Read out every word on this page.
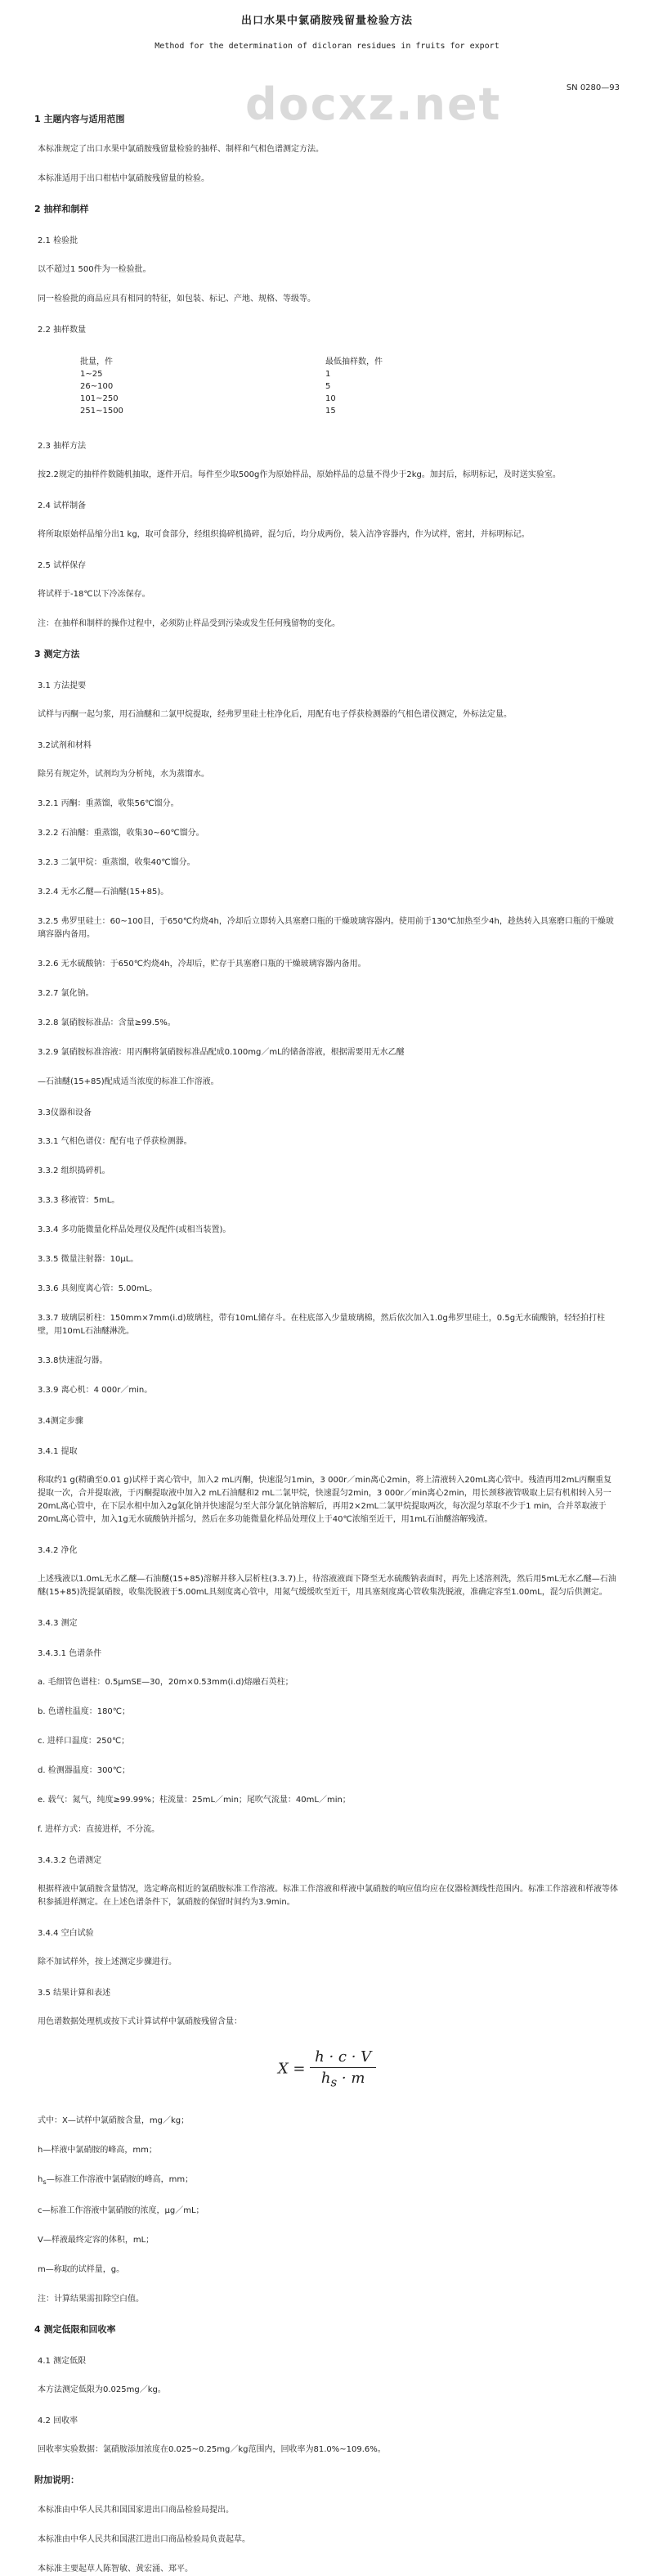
docxz.net
出口水果中氯硝胺残留量检验方法
Method for the determination of dicloran residues in fruits for export
SN 0280—93
1 主题内容与适用范围
本标准规定了出口水果中氯硝胺残留量检验的抽样、制样和气相色谱测定方法。
本标准适用于出口柑桔中氯硝胺残留量的检验。
2 抽样和制样
2.1 检验批
以不超过1 500件为一检验批。
同一检验批的商品应具有相同的特征，如包装、标记、产地、规格、等级等。
2.2 抽样数量
批量，件	最低抽样数，件
1~25	1
26~100	5
101~250	10
251~1500	15
2.3 抽样方法
按2.2规定的抽样件数随机抽取，逐件开启。每件至少取500g作为原始样品，原始样品的总量不得少于2kg。加封后，标明标记，及时送实验室。
2.4 试样制备
将所取原始样品缩分出1 kg，取可食部分，经组织捣碎机捣碎，混匀后，均分成两份，装入洁净容器内，作为试样，密封，并标明标记。
2.5 试样保存
将试样于-18℃以下冷冻保存。
注：在抽样和制样的操作过程中，必须防止样品受到污染或发生任何残留物的变化。
3 测定方法
3.1 方法提要
试样与丙酮一起匀浆，用石油醚和二氯甲烷提取，经弗罗里硅土柱净化后，用配有电子俘获检测器的气相色谱仪测定，外标法定量。
3.2试剂和材料
除另有规定外，试剂均为分析纯，水为蒸馏水。
3.2.1 丙酮：重蒸馏，收集56℃馏分。
3.2.2 石油醚：重蒸馏，收集30~60℃馏分。
3.2.3 二氯甲烷：重蒸馏，收集40℃馏分。
3.2.4 无水乙醚—石油醚(15+85)。
3.2.5 弗罗里硅土：60~100目，于650℃灼烧4h，冷却后立即转入具塞磨口瓶的干燥玻璃容器内。使用前于130℃加热至少4h，趁热转入具塞磨口瓶的干燥玻璃容器内备用。
3.2.6 无水硫酸钠：于650℃灼烧4h，冷却后，贮存于具塞磨口瓶的干燥玻璃容器内备用。
3.2.7 氯化钠。
3.2.8 氯硝胺标准品：含量≥99.5%。
3.2.9 氯硝胺标准溶液：用丙酮将氯硝胺标准品配成0.100mg／mL的储备溶液，根据需要用无水乙醚
—石油醚(15+85)配成适当浓度的标准工作溶液。
3.3仪器和设备
3.3.1 气相色谱仪：配有电子俘获检测器。
3.3.2 组织捣碎机。
3.3.3 移液管：5mL。
3.3.4 多功能微量化样品处理仪及配件(或相当装置)。
3.3.5 微量注射器：10μL。
3.3.6 具刻度离心管：5.00mL。
3.3.7 玻璃层析柱：150mm×7mm(i.d)玻璃柱，带有10mL储存斗。在柱底部入少量玻璃棉，然后依次加入1.0g弗罗里硅土，0.5g无水硫酸钠，轻轻拍打柱壁，用10mL石油醚淋洗。
3.3.8快速混匀器。
3.3.9 离心机：4 000r／min。
3.4测定步骤
3.4.1 提取
称取约1 g(精确至0.01 g)试样于离心管中，加入2 mL丙酮，快速混匀1min，3 000r／min离心2min，将上清液转入20mL离心管中。残渣再用2mL丙酮重复提取一次，合并提取液，于丙酮提取液中加入2 mL石油醚和2 mL二氯甲烷，快速混匀2min，3 000r／min离心2min，用长颈移液管吸取上层有机相转入另一20mL离心管中，在下层水相中加入2g氯化钠并快速混匀至大部分氯化钠溶解后，再用2×2mL二氯甲烷提取两次，每次混匀萃取不少于1 min，合并萃取液于20mL离心管中，加入1g无水硫酸钠并摇匀，然后在多功能微量化样品处理仪上于40℃浓缩至近干，用1mL石油醚溶解残渣。
3.4.2 净化
上述残液以1.0mL无水乙醚—石油醚(15+85)溶解并移入层析柱(3.3.7)上，待溶液液面下降至无水硫酸钠表面时，再先上述溶剂洗，然后用5mL无水乙醚—石油醚(15+85)洗提氯硝胺，收集洗脱液于5.00mL具刻度离心管中，用氮气缓缓吹至近干，用具塞刻度离心管收集洗脱液，准确定容至1.00mL，混匀后供测定。
3.4.3 测定
3.4.3.1 色谱条件
a. 毛细管色谱柱：0.5μmSE—30，20m×0.53mm(i.d)熔融石英柱；
b. 色谱柱温度：180℃；
c. 进样口温度：250℃；
d. 检测器温度：300℃；
e. 载气：氮气，纯度≥99.99%；柱流量：25mL／min；尾吹气流量：40mL／min；
f. 进样方式：直接进样，不分流。
3.4.3.2 色谱测定
根据样液中氯硝胺含量情况，选定峰高相近的氯硝胺标准工作溶液。标准工作溶液和样液中氯硝胺的响应值均应在仪器检测线性范围内。标准工作溶液和样液等体积参插进样测定。在上述色谱条件下，氯硝胺的保留时间约为3.9min。
3.4.4 空白试验
除不加试样外，按上述测定步骤进行。
3.5 结果计算和表述
用色谱数据处理机或按下式计算试样中氯硝胺残留含量：
$X = \frac{h \cdot c \cdot V}{h_s \cdot m}$
式中：X—试样中氯硝胺含量，mg／kg；
h—样液中氯硝胺的峰高，mm；
$h_s—$标准工作溶液中氯硝胺的峰高，mm；
c—标准工作溶液中氯硝胺的浓度，μg／mL；
V—样液最终定容的体积，mL；
m—称取的试样量，g。
注：计算结果需扣除空白值。
4 测定低限和回收率
4.1 测定低限
本方法测定低限为0.025mg／kg。
4.2 回收率
回收率实验数据：氯硝胺添加浓度在0.025~0.25mg／kg范围内，回收率为81.0%~109.6%。
附加说明：
本标准由中华人民共和国国家进出口商品检验局提出。
本标准由中华人民共和国湛江进出口商品检验局负责起草。
本标准主要起草人陈智敏、黄宏涌、郑平。
